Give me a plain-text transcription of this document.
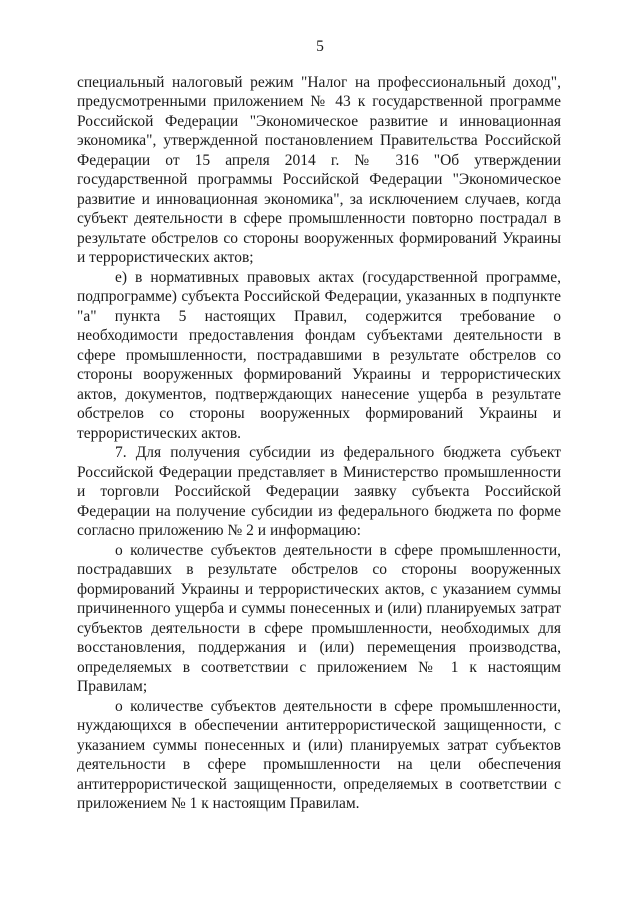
5

специальный налоговый режим "Налог на профессиональный доход", предусмотренными приложением № 43 к государственной программе Российской Федерации "Экономическое развитие и инновационная экономика", утвержденной постановлением Правительства Российской Федерации от 15 апреля 2014 г. № 316 "Об утверждении государственной программы Российской Федерации "Экономическое развитие и инновационная экономика", за исключением случаев, когда субъект деятельности в сфере промышленности повторно пострадал в результате обстрелов со стороны вооруженных формирований Украины и террористических актов;

е) в нормативных правовых актах (государственной программе, подпрограмме) субъекта Российской Федерации, указанных в подпункте "а" пункта 5 настоящих Правил, содержится требование о необходимости предоставления фондам субъектами деятельности в сфере промышленности, пострадавшими в результате обстрелов со стороны вооруженных формирований Украины и террористических актов, документов, подтверждающих нанесение ущерба в результате обстрелов со стороны вооруженных формирований Украины и террористических актов.

7. Для получения субсидии из федерального бюджета субъект Российской Федерации представляет в Министерство промышленности и торговли Российской Федерации заявку субъекта Российской Федерации на получение субсидии из федерального бюджета по форме согласно приложению № 2 и информацию:

о количестве субъектов деятельности в сфере промышленности, пострадавших в результате обстрелов со стороны вооруженных формирований Украины и террористических актов, с указанием суммы причиненного ущерба и суммы понесенных и (или) планируемых затрат субъектов деятельности в сфере промышленности, необходимых для восстановления, поддержания и (или) перемещения производства, определяемых в соответствии с приложением № 1 к настоящим Правилам;

о количестве субъектов деятельности в сфере промышленности, нуждающихся в обеспечении антитеррористической защищенности, с указанием суммы понесенных и (или) планируемых затрат субъектов деятельности в сфере промышленности на цели обеспечения антитеррористической защищенности, определяемых в соответствии с приложением № 1 к настоящим Правилам.
